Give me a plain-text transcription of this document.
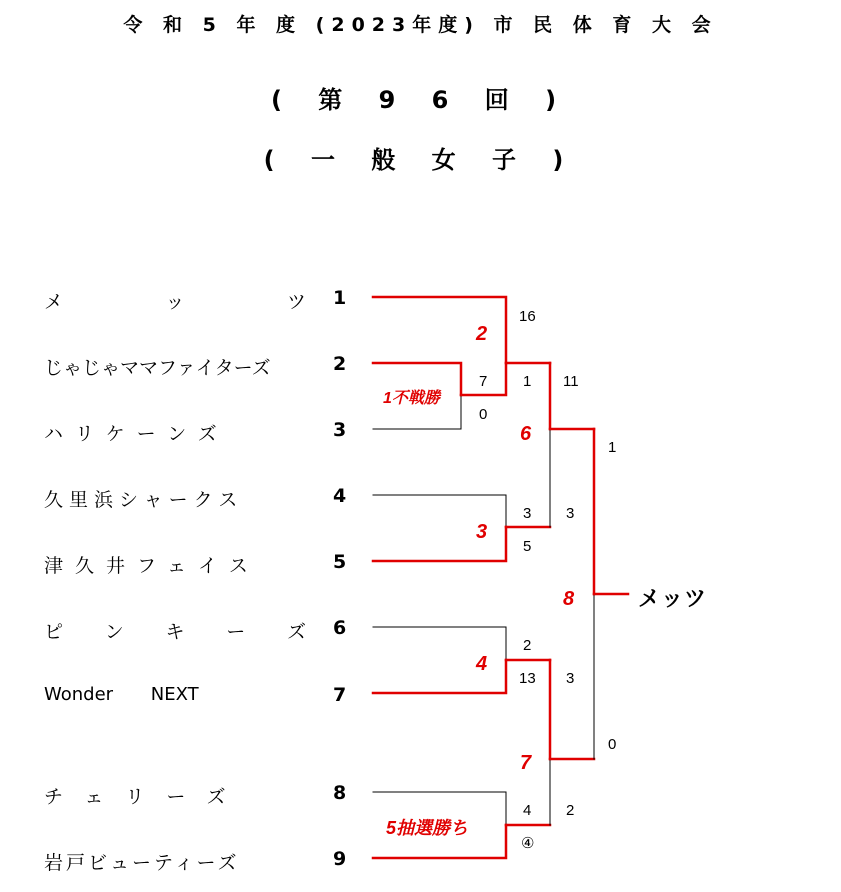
令 和 5 年 度 (2023年度) 市 民 体 育 大 会
( 第 9 6 回 )
( 一 般 女 子 )
メ	ッ	ツ
じゃじゃママファイターズ
ハリケーンズ
久里浜シャークス
津久井フェイス
ピ ン キ ー ズ
Wonder NEXT
チェリーズ
岩戸ビューティーズ
1
2
3
4
5
6
7
8
9
1不戦勝
2
3
4
5抽選勝ち
6
7
8
7
0
16
1
3
5
2
13
4
④
11
3
3
2
1
0
メッツ
